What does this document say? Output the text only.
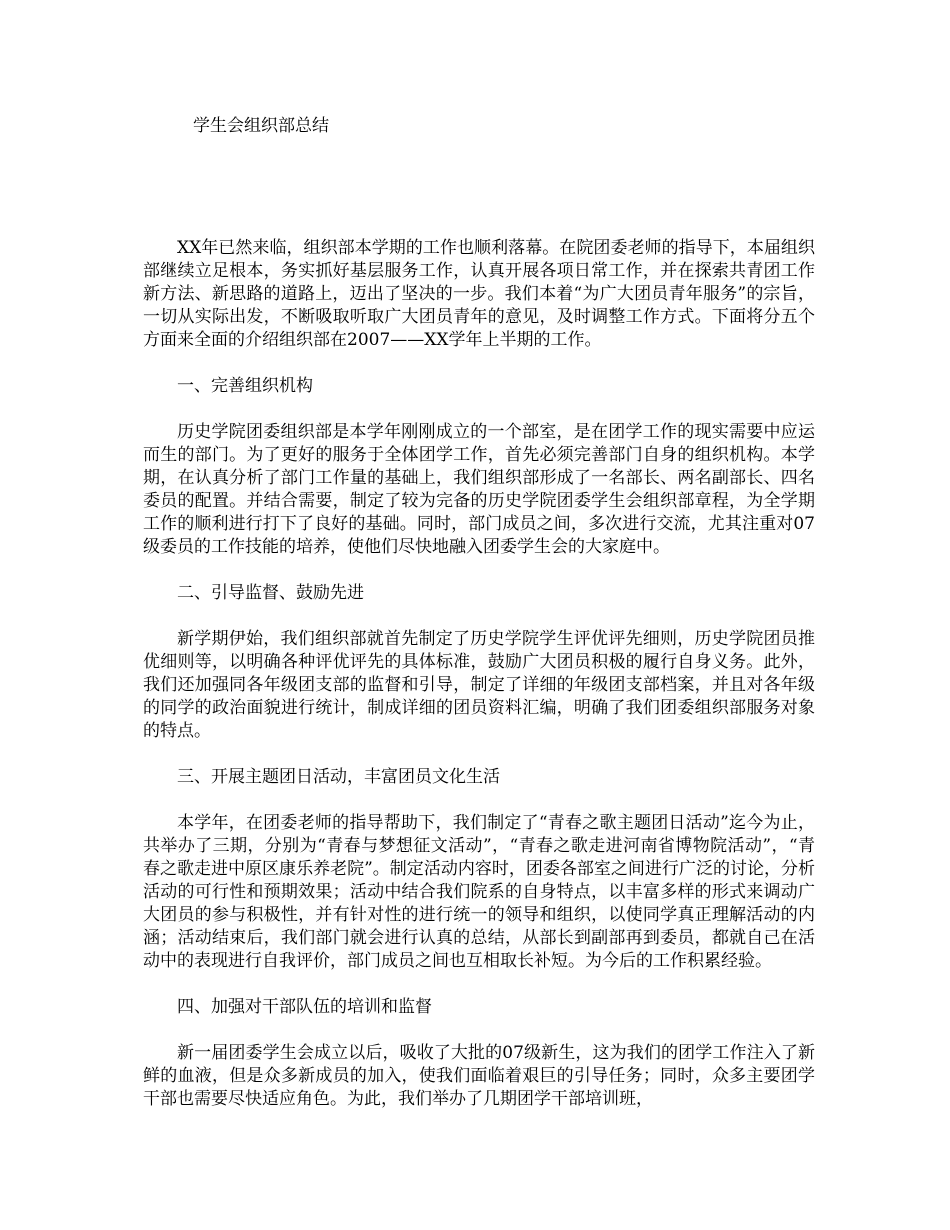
学生会组织部总结

XX年已然来临，组织部本学期的工作也顺利落幕。在院团委老师的指导下，本届组织部继续立足根本，务实抓好基层服务工作，认真开展各项日常工作，并在探索共青团工作新方法、新思路的道路上，迈出了坚决的一步。我们本着“为广大团员青年服务”的宗旨，一切从实际出发，不断吸取听取广大团员青年的意见，及时调整工作方式。下面将分五个方面来全面的介绍组织部在2007——XX学年上半期的工作。

一、完善组织机构

历史学院团委组织部是本学年刚刚成立的一个部室，是在团学工作的现实需要中应运而生的部门。为了更好的服务于全体团学工作，首先必须完善部门自身的组织机构。本学期，在认真分析了部门工作量的基础上，我们组织部形成了一名部长、两名副部长、四名委员的配置。并结合需要，制定了较为完备的历史学院团委学生会组织部章程，为全学期工作的顺利进行打下了良好的基础。同时，部门成员之间，多次进行交流，尤其注重对07级委员的工作技能的培养，使他们尽快地融入团委学生会的大家庭中。

二、引导监督、鼓励先进

新学期伊始，我们组织部就首先制定了历史学院学生评优评先细则，历史学院团员推优细则等，以明确各种评优评先的具体标准，鼓励广大团员积极的履行自身义务。此外，我们还加强同各年级团支部的监督和引导，制定了详细的年级团支部档案，并且对各年级的同学的政治面貌进行统计，制成详细的团员资料汇编，明确了我们团委组织部服务对象的特点。

三、开展主题团日活动，丰富团员文化生活

本学年，在团委老师的指导帮助下，我们制定了“青春之歌主题团日活动”迄今为止，共举办了三期，分别为“青春与梦想征文活动”，“青春之歌走进河南省博物院活动”，“青春之歌走进中原区康乐养老院”。制定活动内容时，团委各部室之间进行广泛的讨论，分析活动的可行性和预期效果；活动中结合我们院系的自身特点，以丰富多样的形式来调动广大团员的参与积极性，并有针对性的进行统一的领导和组织，以使同学真正理解活动的内涵；活动结束后，我们部门就会进行认真的总结，从部长到副部再到委员，都就自己在活动中的表现进行自我评价，部门成员之间也互相取长补短。为今后的工作积累经验。

四、加强对干部队伍的培训和监督

新一届团委学生会成立以后，吸收了大批的07级新生，这为我们的团学工作注入了新鲜的血液，但是众多新成员的加入，使我们面临着艰巨的引导任务；同时，众多主要团学干部也需要尽快适应角色。为此，我们举办了几期团学干部培训班，
